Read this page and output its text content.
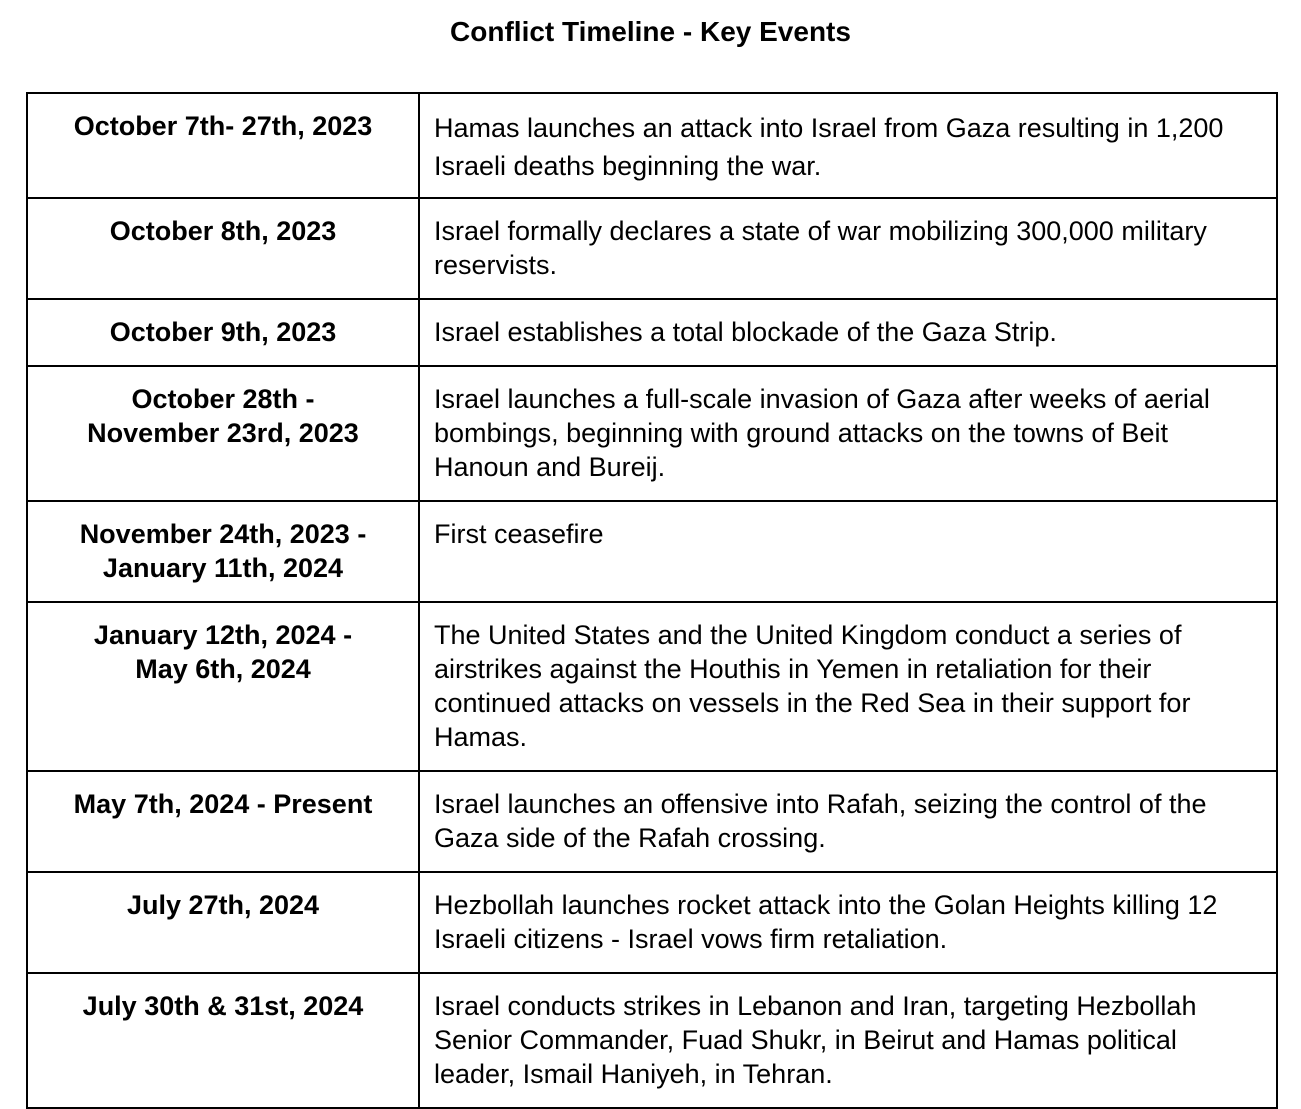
Conflict Timeline - Key Events
October 7th- 27th, 2023	Hamas launches an attack into Israel from Gaza resulting in 1,200 Israeli deaths beginning the war.
October 8th, 2023	Israel formally declares a state of war mobilizing 300,000 military reservists.
October 9th, 2023	Israel establishes a total blockade of the Gaza Strip.
October 28th -
November 23rd, 2023	Israel launches a full-scale invasion of Gaza after weeks of aerial bombings, beginning with ground attacks on the towns of Beit Hanoun and Bureij.
November 24th, 2023 -
January 11th, 2024	First ceasefire
January 12th, 2024 -
May 6th, 2024	The United States and the United Kingdom conduct a series of airstrikes against the Houthis in Yemen in retaliation for their continued attacks on vessels in the Red Sea in their support for Hamas.
May 7th, 2024 - Present	Israel launches an offensive into Rafah, seizing the control of the Gaza side of the Rafah crossing.
July 27th, 2024	Hezbollah launches rocket attack into the Golan Heights killing 12 Israeli citizens - Israel vows firm retaliation.
July 30th & 31st, 2024	Israel conducts strikes in Lebanon and Iran, targeting Hezbollah Senior Commander, Fuad Shukr, in Beirut and Hamas political leader, Ismail Haniyeh, in Tehran.
